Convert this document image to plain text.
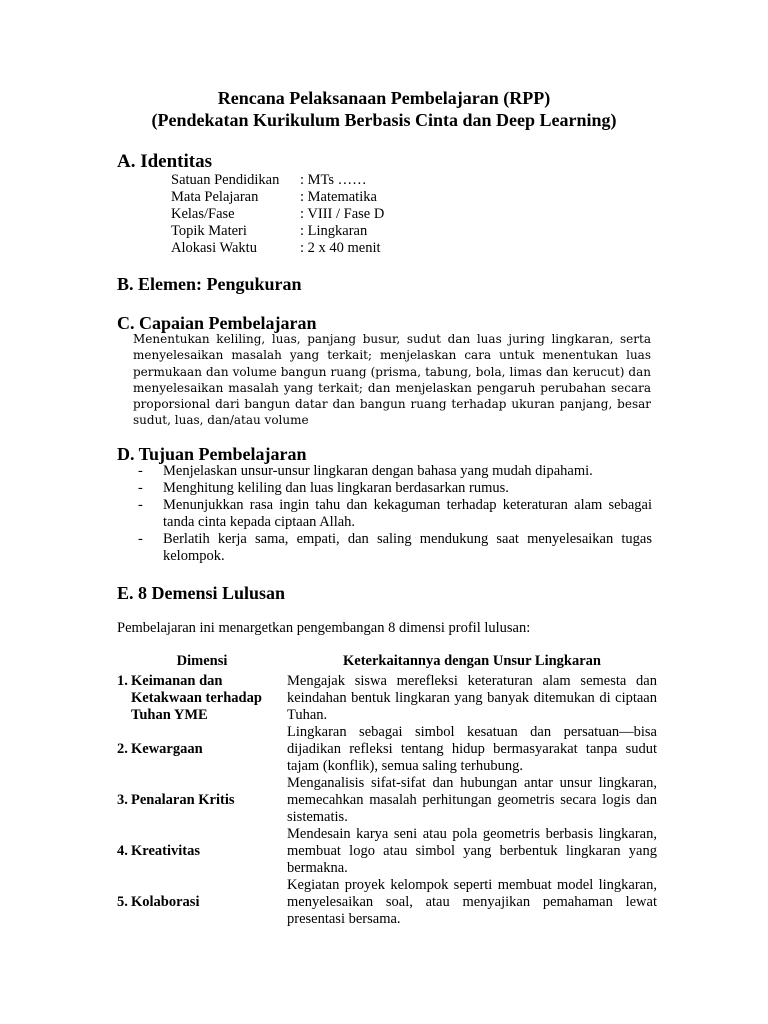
Rencana Pelaksanaan Pembelajaran (RPP)
(Pendekatan Kurikulum Berbasis Cinta dan Deep Learning)
A. Identitas
Satuan Pendidikan	: MTs ……
Mata Pelajaran	: Matematika
Kelas/Fase	: VIII / Fase D
Topik Materi	: Lingkaran
Alokasi Waktu	: 2 x 40 menit
B. Elemen: Pengukuran
C. Capaian Pembelajaran
Menentukan keliling, luas, panjang busur, sudut dan luas juring lingkaran, serta menyelesaikan masalah yang terkait; menjelaskan cara untuk menentukan luas permukaan dan volume bangun ruang (prisma, tabung, bola, limas dan kerucut) dan menyelesaikan masalah yang terkait; dan menjelaskan pengaruh perubahan secara proporsional dari bangun datar dan bangun ruang terhadap ukuran panjang, besar sudut, luas, dan/atau volume
D. Tujuan Pembelajaran
-	Menjelaskan unsur-unsur lingkaran dengan bahasa yang mudah dipahami.
-	Menghitung keliling dan luas lingkaran berdasarkan rumus.
-	Menunjukkan rasa ingin tahu dan kekaguman terhadap keteraturan alam sebagai tanda cinta kepada ciptaan Allah.
-	Berlatih kerja sama, empati, dan saling mendukung saat menyelesaikan tugas kelompok.
E. 8 Demensi Lulusan
Pembelajaran ini menargetkan pengembangan 8 dimensi profil lulusan:
Dimensi	Keterkaitannya dengan Unsur Lingkaran
1. Keimanan dan Ketakwaan terhadap Tuhan YME	Mengajak siswa merefleksi keteraturan alam semesta dan keindahan bentuk lingkaran yang banyak ditemukan di ciptaan Tuhan.
2. Kewargaan	Lingkaran sebagai simbol kesatuan dan persatuan—bisa dijadikan refleksi tentang hidup bermasyarakat tanpa sudut tajam (konflik), semua saling terhubung.
3. Penalaran Kritis	Menganalisis sifat-sifat dan hubungan antar unsur lingkaran, memecahkan masalah perhitungan geometris secara logis dan sistematis.
4. Kreativitas	Mendesain karya seni atau pola geometris berbasis lingkaran, membuat logo atau simbol yang berbentuk lingkaran yang bermakna.
5. Kolaborasi	Kegiatan proyek kelompok seperti membuat model lingkaran, menyelesaikan soal, atau menyajikan pemahaman lewat presentasi bersama.
